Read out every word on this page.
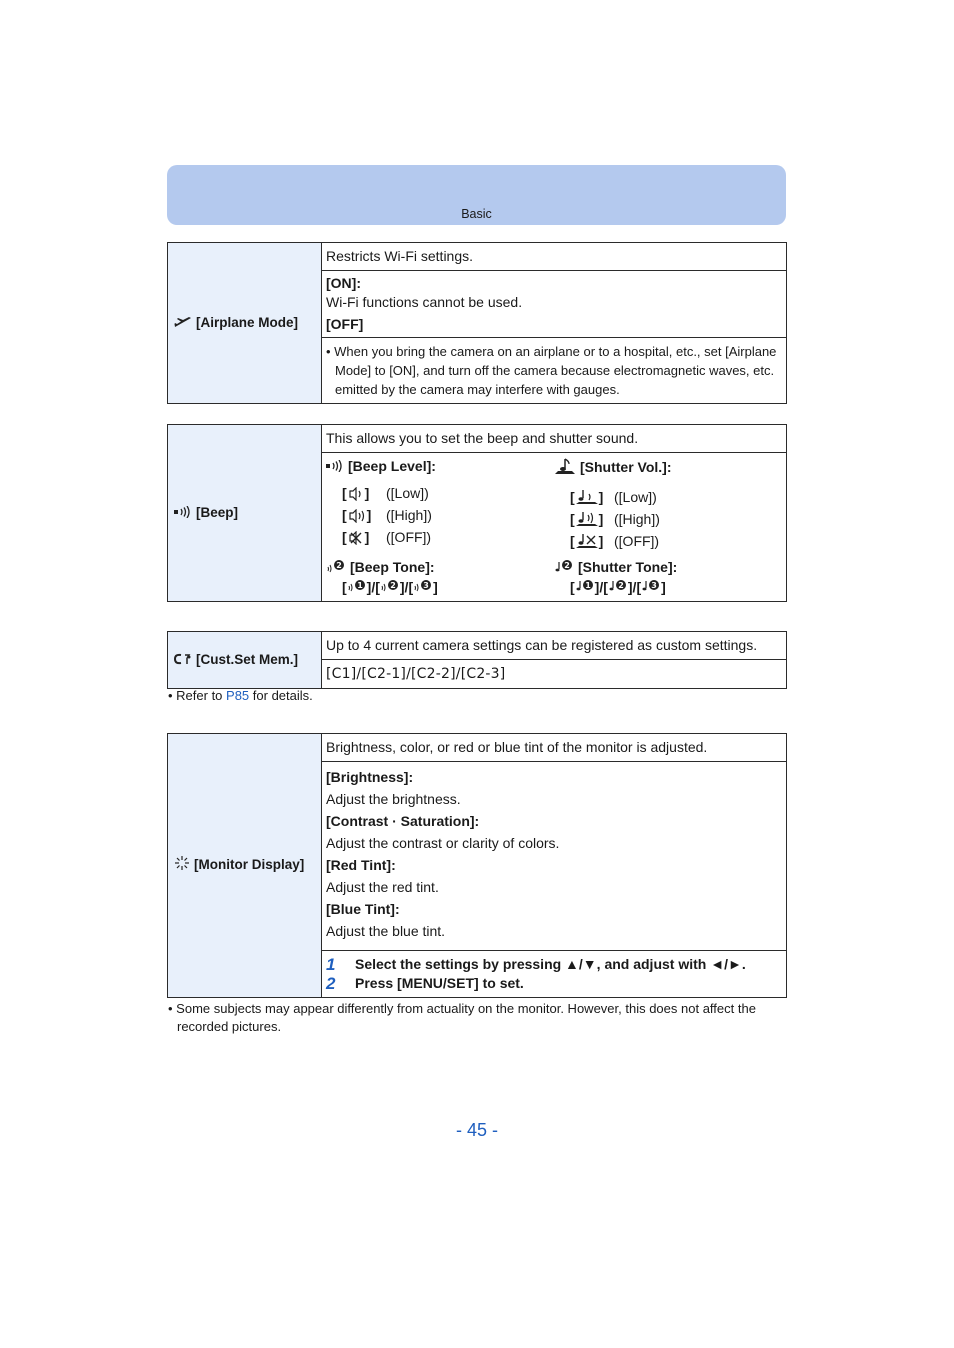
Basic
[Airplane Mode]	Restricts Wi-Fi settings.

[ON]:
Wi-Fi functions cannot be used.
[OFF]

• When you bring the camera on an airplane or to a hospital, etc., set [Airplane Mode] to [ON], and turn off the camera because electromagnetic waves, etc. emitted by the camera may interfere with gauges.
[Beep]	This allows you to set the beep and shutter sound.

[Beep Level]:
[ ]	([Low])
[ ]	([High])
[ ]	([OFF])
[Shutter Vol.]:
[ ] ([Low])
[ ] ([High])
[ ] ([OFF])
2 [Beep Tone]:
[ 1 ]/[ 2 ]/[ 3 ]
2 [Shutter Tone]:
[ 1 ]/[ 2 ]/[ 3 ]
[Cust.Set Mem.]	Up to 4 current camera settings can be registered as custom settings.
[C1]/[C2-1]/[C2-2]/[C2-3]
• Refer to P85 for details.
[Monitor Display]	Brightness, color, or red or blue tint of the monitor is adjusted.

[Brightness]:
Adjust the brightness.
[Contrast · Saturation]:
Adjust the contrast or clarity of colors.
[Red Tint]:
Adjust the red tint.
[Blue Tint]:
Adjust the blue tint.

1	Select the settings by pressing ▲/▼, and adjust with ◄/►.
2	Press [MENU/SET] to set.
• Some subjects may appear differently from actuality on the monitor. However, this does not affect the recorded pictures.
- 45 -
